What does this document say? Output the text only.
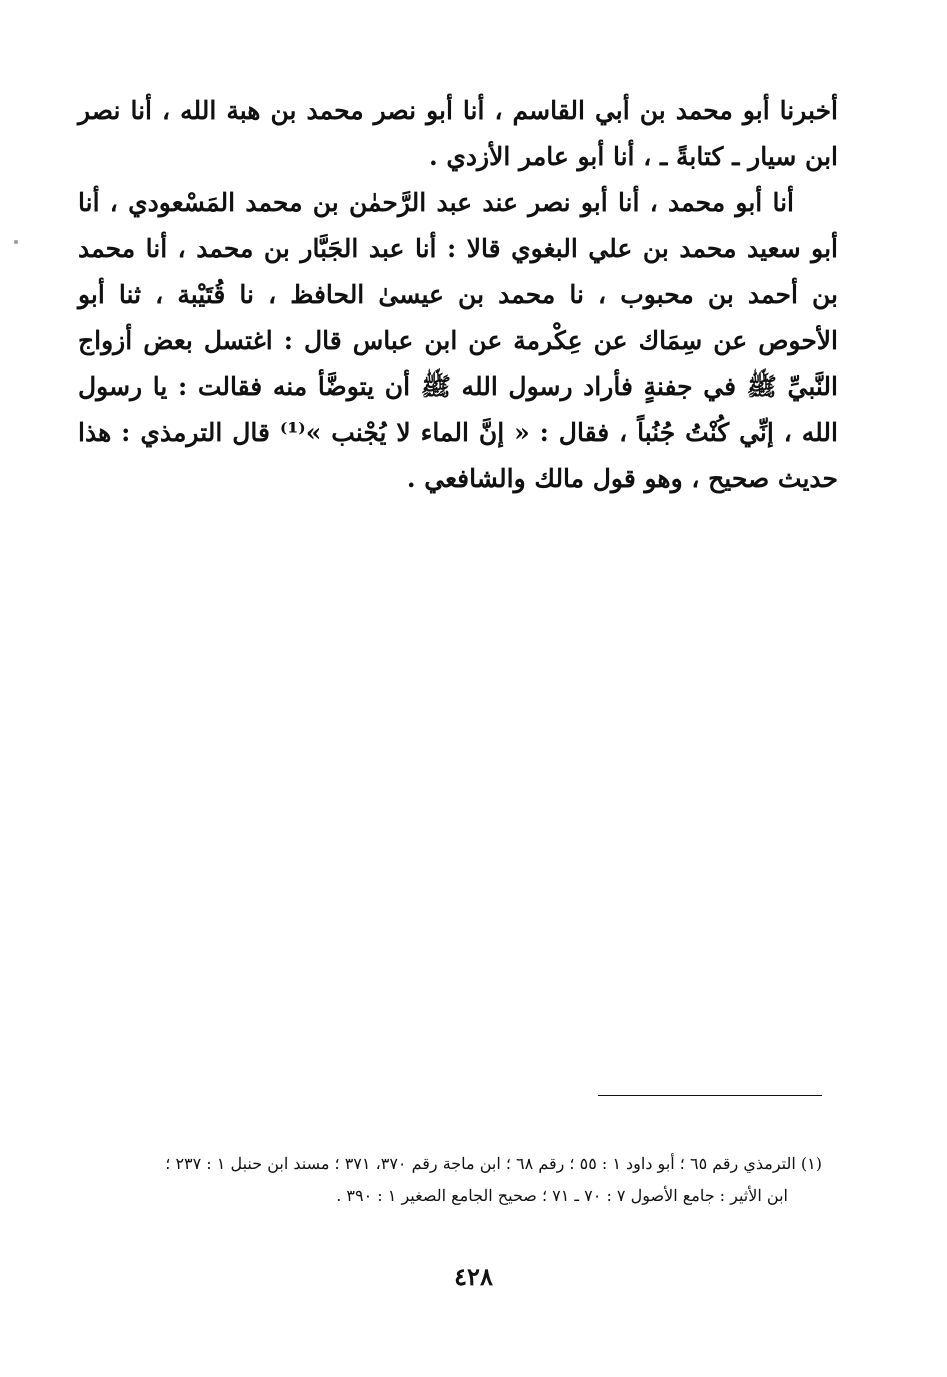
أخبرنا أبو محمد بن أبي القاسم ، أنا أبو نصر محمد بن هبة الله ، أنا نصر ابن سيار ـ كتابةً ـ ، أنا أبو عامر الأزدي .

أنا أبو محمد ، أنا أبو نصر عند عبد الرَّحمٰن بن محمد المَسْعودي ، أنا أبو سعيد محمد بن علي البغوي قالا : أنا عبد الجَبَّار بن محمد ، أنا محمد بن أحمد بن محبوب ، نا محمد بن عيسىٰ الحافظ ، نا قُتَيْبة ، ثنا أبو الأحوص عن سِمَاك عن عِكْرمة عن ابن عباس قال : اغتسل بعض أزواج النَّبيِّ ﷺ في جفنةٍ فأراد رسول الله ﷺ أن يتوضَّأ منه فقالت : يا رسول الله ، إنِّي كُنْتُ جُنُباً ، فقال : « إنَّ الماء لا يُجْنب »⁽¹⁾ قال الترمذي : هذا حديث صحيح ، وهو قول مالك والشافعي .

(١) الترمذي رقم ٦٥ ؛ أبو داود ١ : ٥٥ ؛ رقم ٦٨ ؛ ابن ماجة رقم ٣٧٠، ٣٧١ ؛ مسند ابن حنبل ١ : ٢٣٧ ؛

ابن الأثير : جامع الأصول ٧ : ٧٠ ـ ٧١ ؛ صحيح الجامع الصغير ١ : ٣٩٠ .

٤٢٨
